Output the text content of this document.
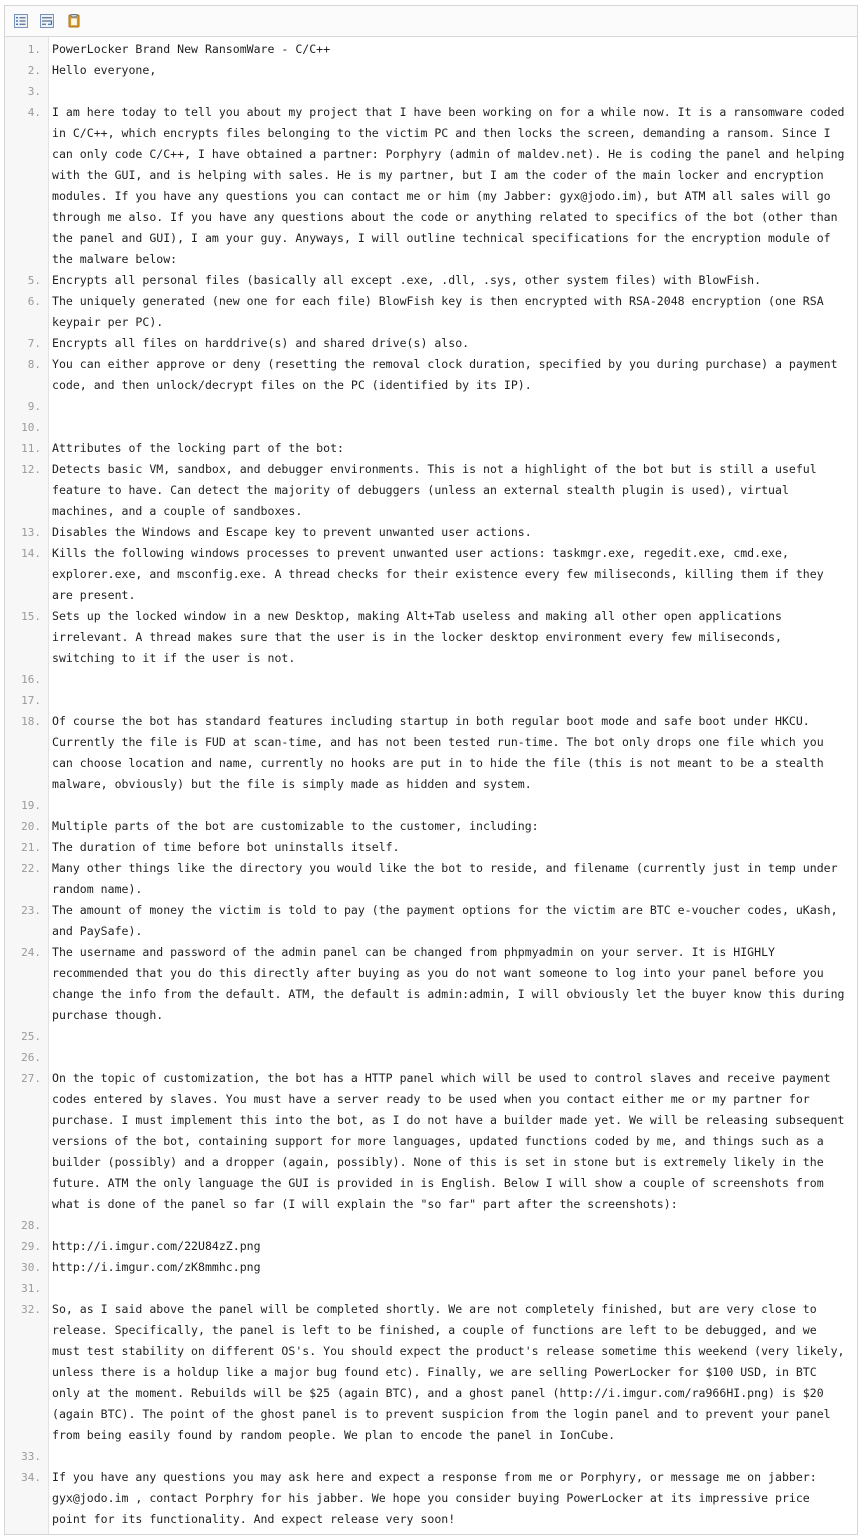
1. PowerLocker Brand New RansomWare - C/C++
2. Hello everyone,
3.
4. I am here today to tell you about my project that I have been working on for a while now. It is a ransomware coded in C/C++, which encrypts files belonging to the victim PC and then locks the screen, demanding a ransom. Since I can only code C/C++, I have obtained a partner: Porphyry (admin of maldev.net). He is coding the panel and helping with the GUI, and is helping with sales. He is my partner, but I am the coder of the main locker and encryption modules. If you have any questions you can contact me or him (my Jabber: gyx@jodo.im), but ATM all sales will go through me also. If you have any questions about the code or anything related to specifics of the bot (other than the panel and GUI), I am your guy. Anyways, I will outline technical specifications for the encryption module of the malware below:
5. Encrypts all personal files (basically all except .exe, .dll, .sys, other system files) with BlowFish.
6. The uniquely generated (new one for each file) BlowFish key is then encrypted with RSA-2048 encryption (one RSA keypair per PC).
7. Encrypts all files on harddrive(s) and shared drive(s) also.
8. You can either approve or deny (resetting the removal clock duration, specified by you during purchase) a payment code, and then unlock/decrypt files on the PC (identified by its IP).
9.
10.
11. Attributes of the locking part of the bot:
12. Detects basic VM, sandbox, and debugger environments. This is not a highlight of the bot but is still a useful feature to have. Can detect the majority of debuggers (unless an external stealth plugin is used), virtual machines, and a couple of sandboxes.
13. Disables the Windows and Escape key to prevent unwanted user actions.
14. Kills the following windows processes to prevent unwanted user actions: taskmgr.exe, regedit.exe, cmd.exe, explorer.exe, and msconfig.exe. A thread checks for their existence every few miliseconds, killing them if they are present.
15. Sets up the locked window in a new Desktop, making Alt+Tab useless and making all other open applications irrelevant. A thread makes sure that the user is in the locker desktop environment every few miliseconds, switching to it if the user is not.
16.
17.
18. Of course the bot has standard features including startup in both regular boot mode and safe boot under HKCU. Currently the file is FUD at scan-time, and has not been tested run-time. The bot only drops one file which you can choose location and name, currently no hooks are put in to hide the file (this is not meant to be a stealth malware, obviously) but the file is simply made as hidden and system.
19.
20. Multiple parts of the bot are customizable to the customer, including:
21. The duration of time before bot uninstalls itself.
22. Many other things like the directory you would like the bot to reside, and filename (currently just in temp under random name).
23. The amount of money the victim is told to pay (the payment options for the victim are BTC e-voucher codes, uKash, and PaySafe).
24. The username and password of the admin panel can be changed from phpmyadmin on your server. It is HIGHLY recommended that you do this directly after buying as you do not want someone to log into your panel before you change the info from the default. ATM, the default is admin:admin, I will obviously let the buyer know this during purchase though.
25.
26.
27. On the topic of customization, the bot has a HTTP panel which will be used to control slaves and receive payment codes entered by slaves. You must have a server ready to be used when you contact either me or my partner for purchase. I must implement this into the bot, as I do not have a builder made yet. We will be releasing subsequent versions of the bot, containing support for more languages, updated functions coded by me, and things such as a builder (possibly) and a dropper (again, possibly). None of this is set in stone but is extremely likely in the future. ATM the only language the GUI is provided in is English. Below I will show a couple of screenshots from what is done of the panel so far (I will explain the "so far" part after the screenshots):
28.
29. http://i.imgur.com/22U84zZ.png
30. http://i.imgur.com/zK8mmhc.png
31.
32. So, as I said above the panel will be completed shortly. We are not completely finished, but are very close to release. Specifically, the panel is left to be finished, a couple of functions are left to be debugged, and we must test stability on different OS's. You should expect the product's release sometime this weekend (very likely, unless there is a holdup like a major bug found etc). Finally, we are selling PowerLocker for $100 USD, in BTC only at the moment. Rebuilds will be $25 (again BTC), and a ghost panel (http://i.imgur.com/ra966HI.png) is $20 (again BTC). The point of the ghost panel is to prevent suspicion from the login panel and to prevent your panel from being easily found by random people. We plan to encode the panel in IonCube.
33.
34. If you have any questions you may ask here and expect a response from me or Porphyry, or message me on jabber: gyx@jodo.im , contact Porphry for his jabber. We hope you consider buying PowerLocker at its impressive price point for its functionality. And expect release very soon!
